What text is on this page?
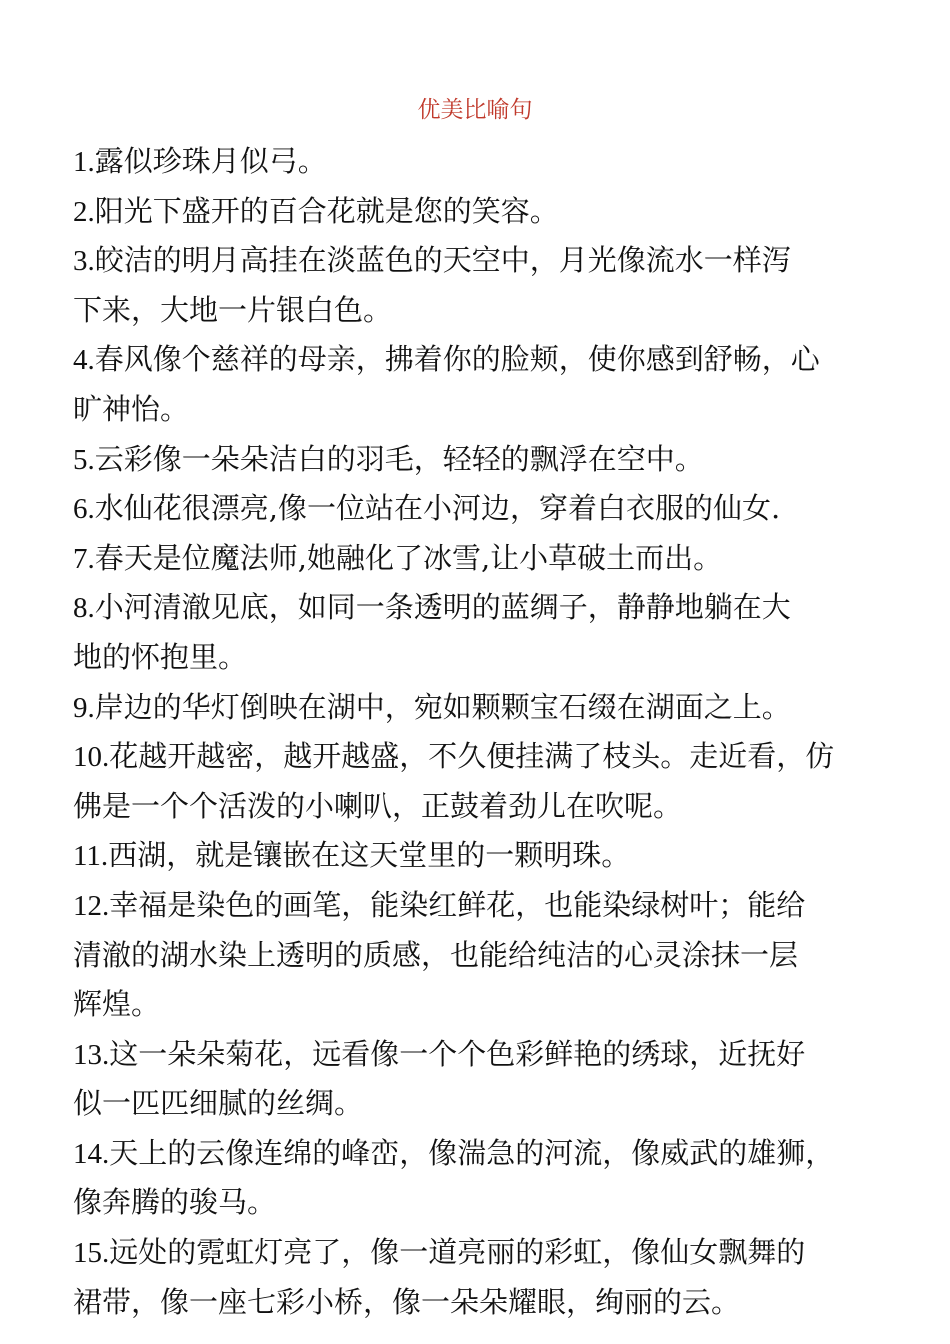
优美比喻句
1.露似珍珠月似弓。
2.阳光下盛开的百合花就是您的笑容。
3.皎洁的明月高挂在淡蓝色的天空中，月光像流水一样泻
下来，大地一片银白色。
4.春风像个慈祥的母亲，拂着你的脸颊，使你感到舒畅，心
旷神怡。
5.云彩像一朵朵洁白的羽毛，轻轻的飘浮在空中。
6.水仙花很漂亮,像一位站在小河边，穿着白衣服的仙女.
7.春天是位魔法师,她融化了冰雪,让小草破土而出。
8.小河清澈见底，如同一条透明的蓝绸子，静静地躺在大
地的怀抱里。
9.岸边的华灯倒映在湖中，宛如颗颗宝石缀在湖面之上。
10.花越开越密，越开越盛，不久便挂满了枝头。走近看，仿
佛是一个个活泼的小喇叭，正鼓着劲儿在吹呢。
11.西湖，就是镶嵌在这天堂里的一颗明珠。
12.幸福是染色的画笔，能染红鲜花，也能染绿树叶；能给
清澈的湖水染上透明的质感，也能给纯洁的心灵涂抹一层
辉煌。
13.这一朵朵菊花，远看像一个个色彩鲜艳的绣球，近抚好
似一匹匹细腻的丝绸。
14.天上的云像连绵的峰峦，像湍急的河流，像威武的雄狮，
像奔腾的骏马。
15.远处的霓虹灯亮了，像一道亮丽的彩虹，像仙女飘舞的
裙带，像一座七彩小桥，像一朵朵耀眼，绚丽的云。
